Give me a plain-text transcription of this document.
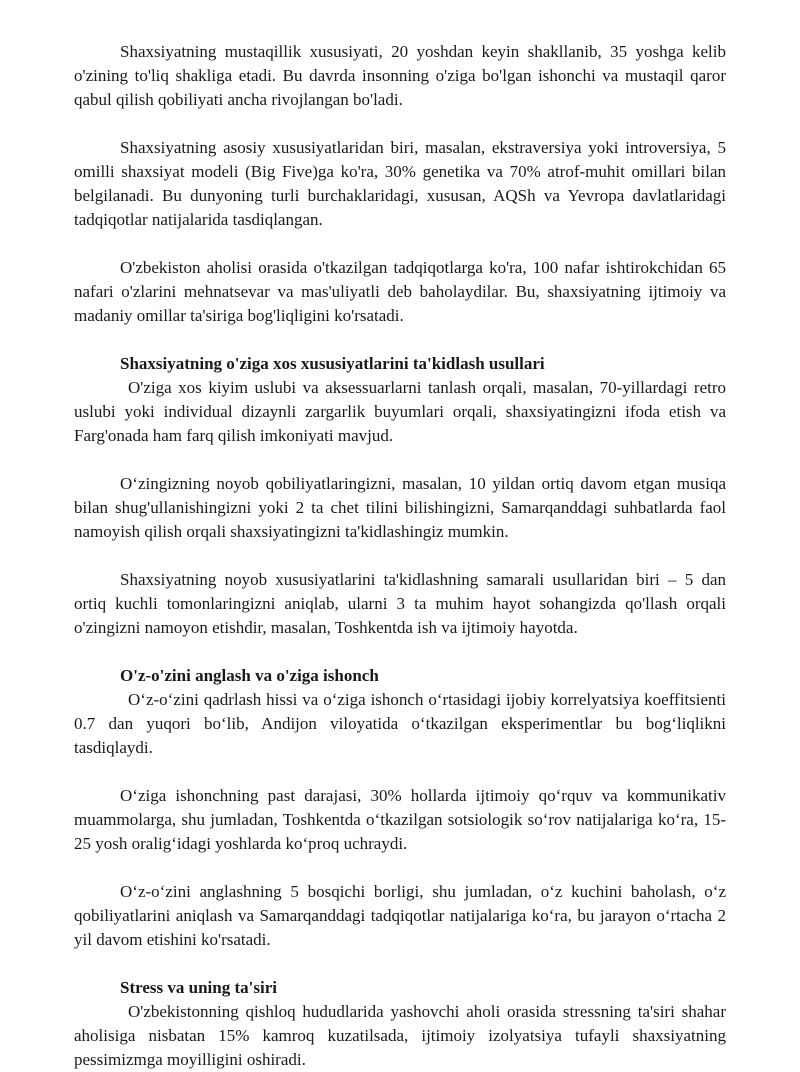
Shaxsiyatning mustaqillik xususiyati, 20 yoshdan keyin shakllanib, 35 yoshga kelib o'zining to'liq shakliga etadi. Bu davrda insonning o'ziga bo'lgan ishonchi va mustaqil qaror qabul qilish qobiliyati ancha rivojlangan bo'ladi.

Shaxsiyatning asosiy xususiyatlaridan biri, masalan, ekstraversiya yoki introversiya, 5 omilli shaxsiyat modeli (Big Five)ga ko'ra, 30% genetika va 70% atrof-muhit omillari bilan belgilanadi. Bu dunyoning turli burchaklaridagi, xususan, AQSh va Yevropa davlatlaridagi tadqiqotlar natijalarida tasdiqlangan.

O'zbekiston aholisi orasida o'tkazilgan tadqiqotlarga ko'ra, 100 nafar ishtirokchidan 65 nafari o'zlarini mehnatsevar va mas'uliyatli deb baholaydilar. Bu, shaxsiyatning ijtimoiy va madaniy omillar ta'siriga bog'liqligini ko'rsatadi.

Shaxsiyatning o'ziga xos xususiyatlarini ta'kidlash usullari

O'ziga xos kiyim uslubi va aksessuarlarni tanlash orqali, masalan, 70-yillardagi retro uslubi yoki individual dizaynli zargarlik buyumlari orqali, shaxsiyatingizni ifoda etish va Farg'onada ham farq qilish imkoniyati mavjud.

O‘zingizning noyob qobiliyatlaringizni, masalan, 10 yildan ortiq davom etgan musiqa bilan shug'ullanishingizni yoki 2 ta chet tilini bilishingizni, Samarqanddagi suhbatlarda faol namoyish qilish orqali shaxsiyatingizni ta'kidlashingiz mumkin.

Shaxsiyatning noyob xususiyatlarini ta'kidlashning samarali usullaridan biri – 5 dan ortiq kuchli tomonlaringizni aniqlab, ularni 3 ta muhim hayot sohangizda qo'llash orqali o'zingizni namoyon etishdir, masalan, Toshkentda ish va ijtimoiy hayotda.

O'z-o'zini anglash va o'ziga ishonch

O‘z-o‘zini qadrlash hissi va o‘ziga ishonch o‘rtasidagi ijobiy korrelyatsiya koeffitsienti 0.7 dan yuqori bo‘lib, Andijon viloyatida o‘tkazilgan eksperimentlar bu bog‘liqlikni tasdiqlaydi.

O‘ziga ishonchning past darajasi, 30% hollarda ijtimoiy qo‘rquv va kommunikativ muammolarga, shu jumladan, Toshkentda o‘tkazilgan sotsiologik so‘rov natijalariga ko‘ra, 15-25 yosh oralig‘idagi yoshlarda ko‘proq uchraydi.

O‘z-o‘zini anglashning 5 bosqichi borligi, shu jumladan, o‘z kuchini baholash, o‘z qobiliyatlarini aniqlash va Samarqanddagi tadqiqotlar natijalariga ko‘ra, bu jarayon o‘rtacha 2 yil davom etishini ko'rsatadi.

Stress va uning ta'siri

O'zbekistonning qishloq hududlarida yashovchi aholi orasida stressning ta'siri shahar aholisiga nisbatan 15% kamroq kuzatilsada, ijtimoiy izolyatsiya tufayli shaxsiyatning pessimizmga moyilligini oshiradi.
